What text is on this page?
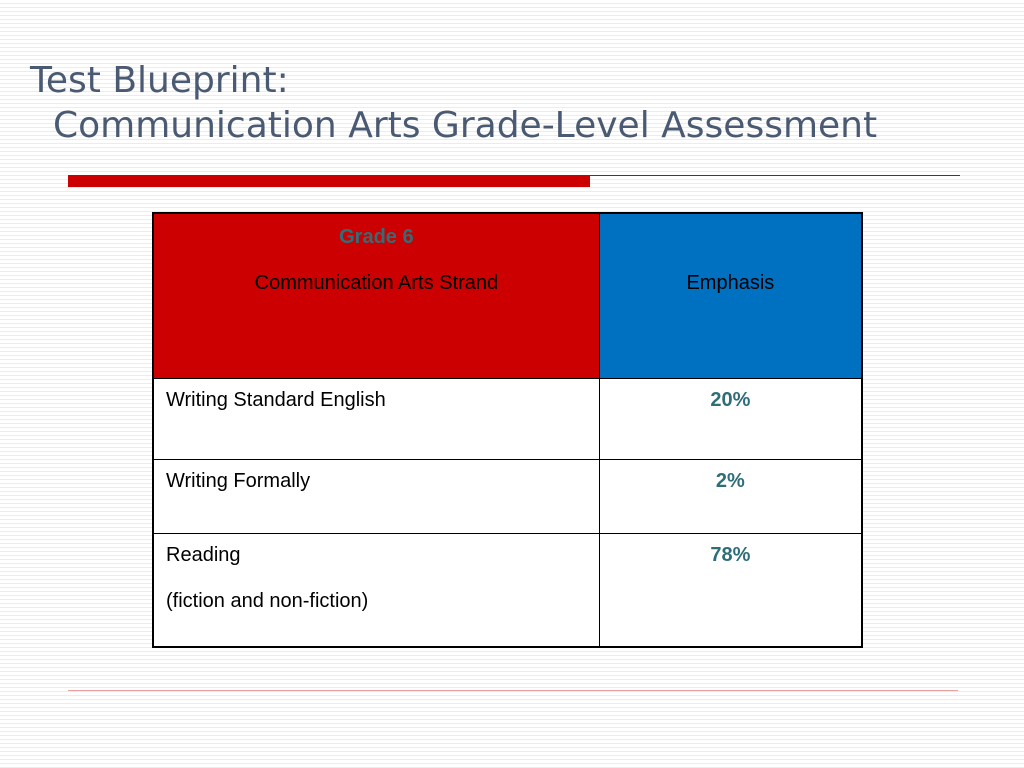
Test Blueprint:
Communication Arts Grade-Level Assessment
Grade 6
Communication Arts Strand	Emphasis

Writing Standard English	20%

Writing Formally	2%

Reading
(fiction and non-fiction)	78%
